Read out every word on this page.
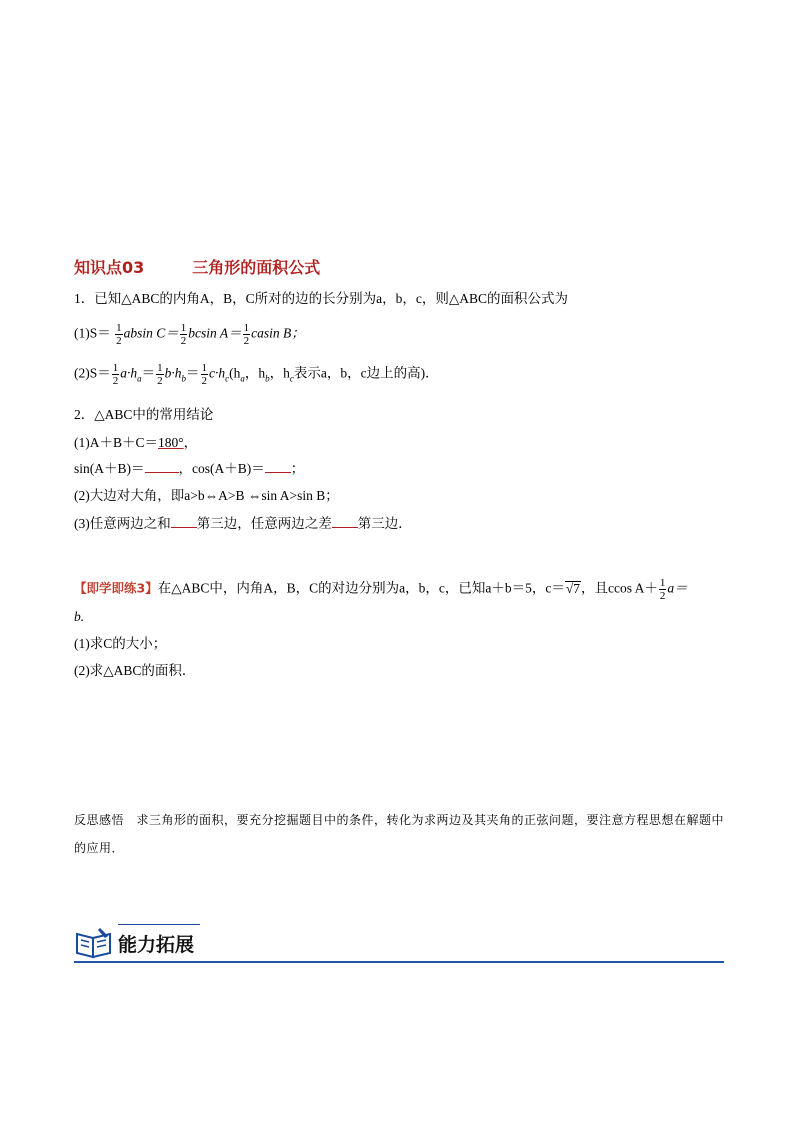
知识点03	三角形的面积公式
1．已知△ABC的内角A，B，C所对的边的长分别为a，b，c，则△ABC的面积公式为
$(1)S= \frac{1}{2}$ absin $C= \frac{1}{2}$ bcsin $A= \frac{1}{2}$ casin B；
$(2)S= \frac{1}{2} a\cdot h_a= \frac{1}{2} b\cdot h_b= \frac{1}{2} c\cdot h_c(h_a$，$h_b$，$h_c$表示a，b，c边上的高)．
2．△ABC中的常用结论
(1)A＋B＋C＝180°，
sin(A＋B)＝	，cos(A＋B)＝ ；
(2)大边对大角，即a>b⇔A>B ⇔sin A>sin B；
(3)任意两边之和 第三边，任意两边之差 第三边．
【即学即练3】在△ABC中，内角A，B，C的对边分别为a，b，c，已知a＋b＝5，c＝√7，且ccos $A+ \frac{1}{2} a=$
b.
(1)求C的大小；
(2)求△ABC的面积．
反思感悟　求三角形的面积，要充分挖掘题目中的条件，转化为求两边及其夹角的正弦问题，要注意方程思想在解题中的应用．
能力拓展
